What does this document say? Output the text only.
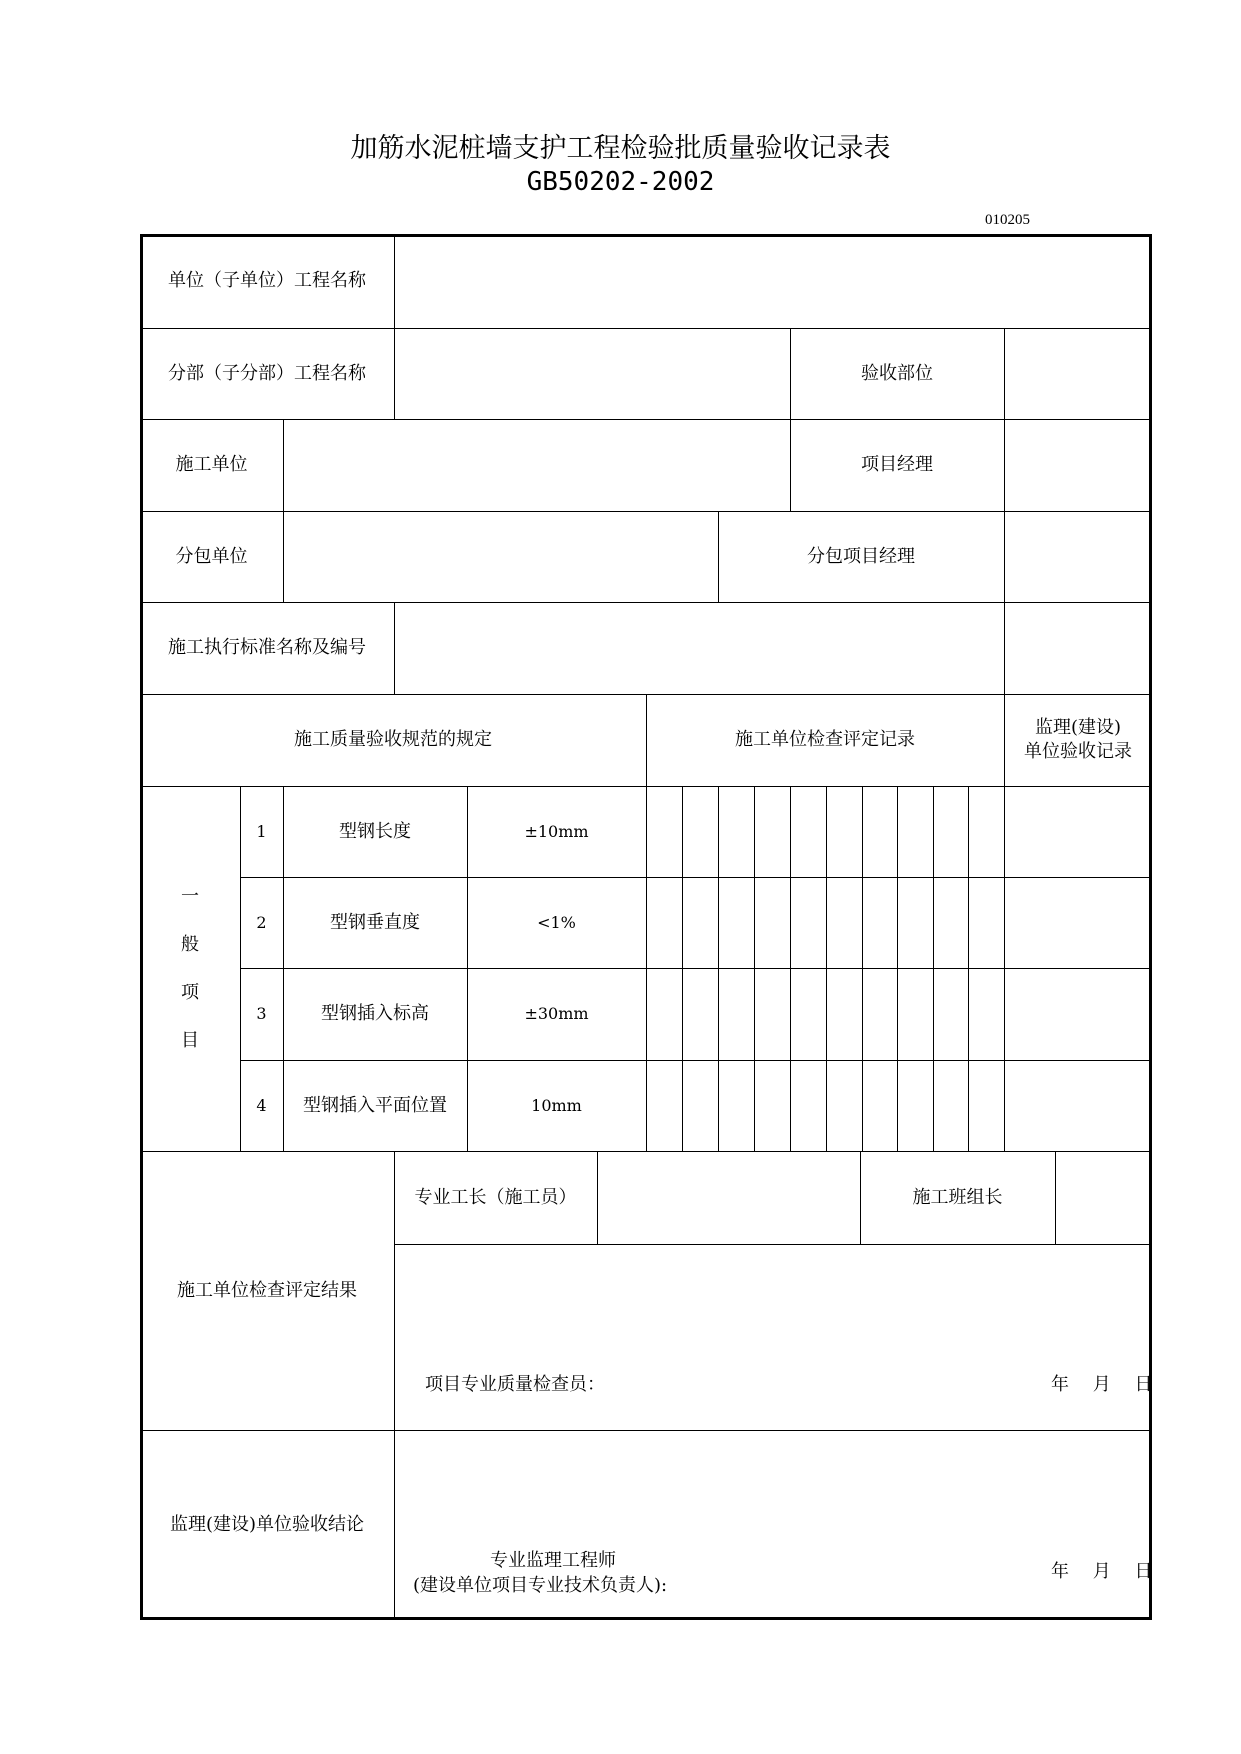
加筋水泥桩墙支护工程检验批质量验收记录表
GB50202-2002
010205
单位（子单位）工程名称
分部（子分部）工程名称	验收部位
施工单位	项目经理
分包单位	分包项目经理
施工执行标准名称及编号
施工质量验收规范的规定	施工单位检查评定记录
监理(建设)
单位验收记录
一
般
项
目
1	型钢长度	±10mm
2	型钢垂直度	<1%
3	型钢插入标高	±30mm
4	型钢插入平面位置	10mm
施工单位检查评定结果
专业工长（施工员）	施工班组长
项目专业质量检查员：	年　 月　 日
监理(建设)单位验收结论
专业监理工程师
(建设单位项目专业技术负责人):
年　 月　 日
